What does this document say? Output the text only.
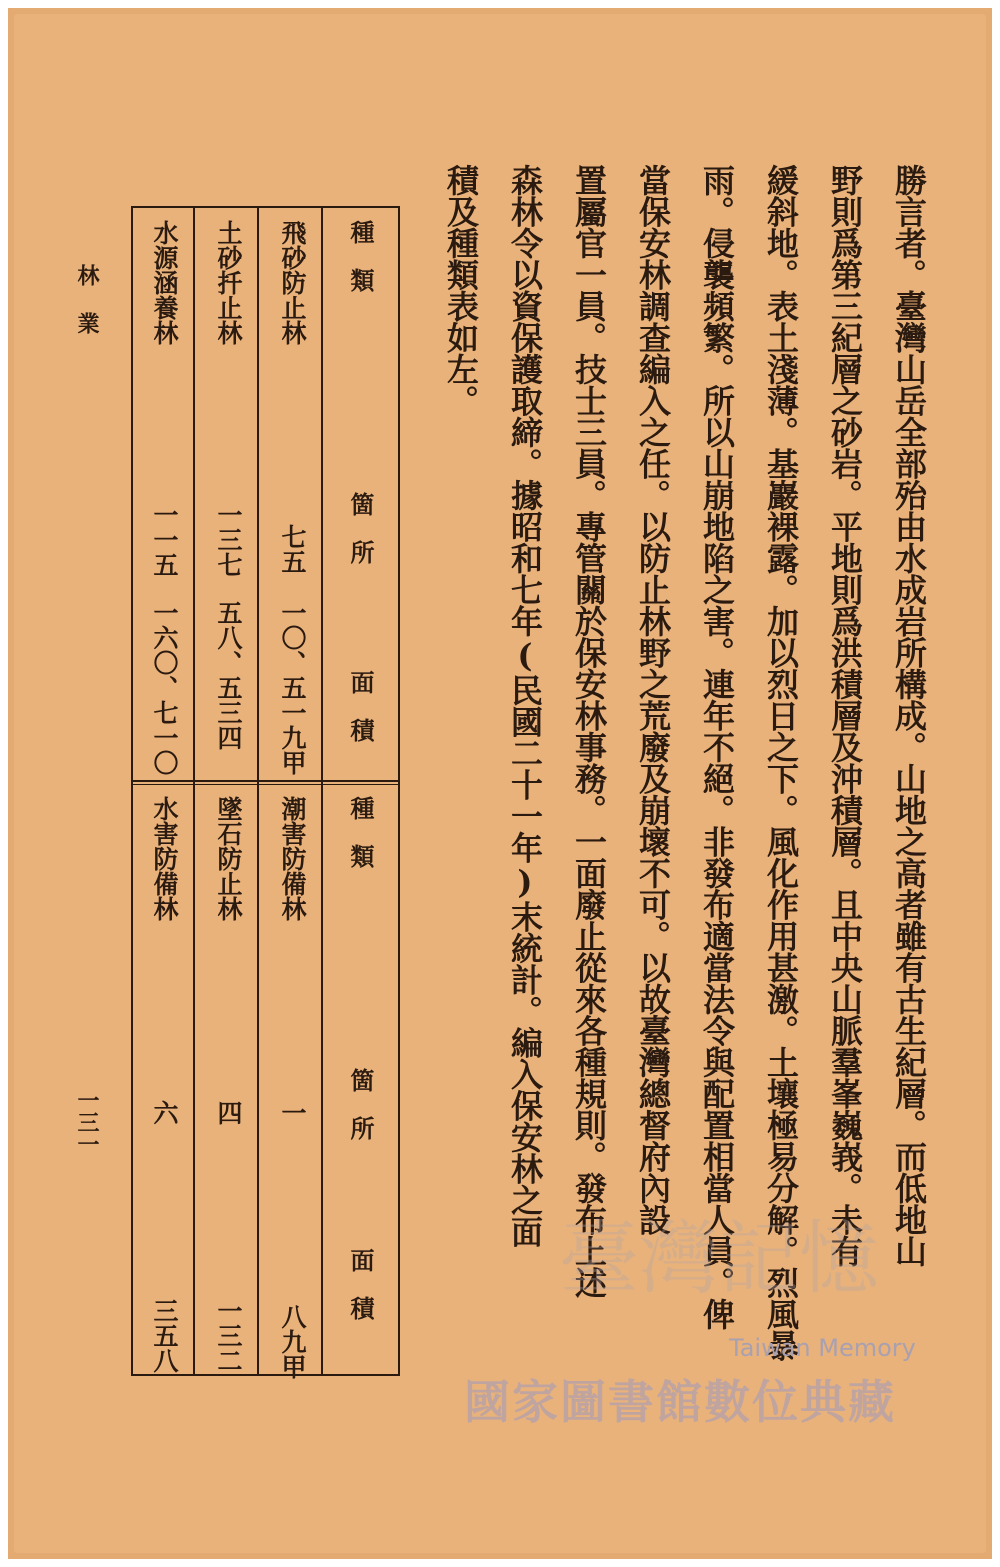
勝言者。臺灣山岳全部殆由水成岩所構成。山地之高者雖有古生紀層。而低地山
野則爲第三紀層之砂岩。平地則爲洪積層及沖積層。且中央山脈羣峯巍峩。未有
緩斜地。表土淺薄。基巖裸露。加以烈日之下。風化作用甚激。土壤極易分解。烈風暴
雨。侵襲頻繁。所以山崩地陷之害。連年不絕。非發布適當法令與配置相當人員。俾
當保安林調查編入之任。以防止林野之荒廢及崩壞不可。以故臺灣總督府內設
置屬官一員。技士三員。專管關於保安林事務。一面廢止從來各種規則。發布上述
森林令以資保護取締。據昭和七年(民國二十一年)末統計。編入保安林之面
積及種類表如左。
林 業
一三一
種　類
箇　所
面　積
種　類
箇　所
面　積
飛砂防止林
七五
一〇、五一九甲
潮害防備林
一
八九甲
土砂扦止林
一三七
五八、五三四
墜石防止林
四
一三二
水源涵養林
一一五
一六〇、七一〇
水害防備林
六
三五八
臺灣記憶
Taiwan Memory
國家圖書館數位典藏
